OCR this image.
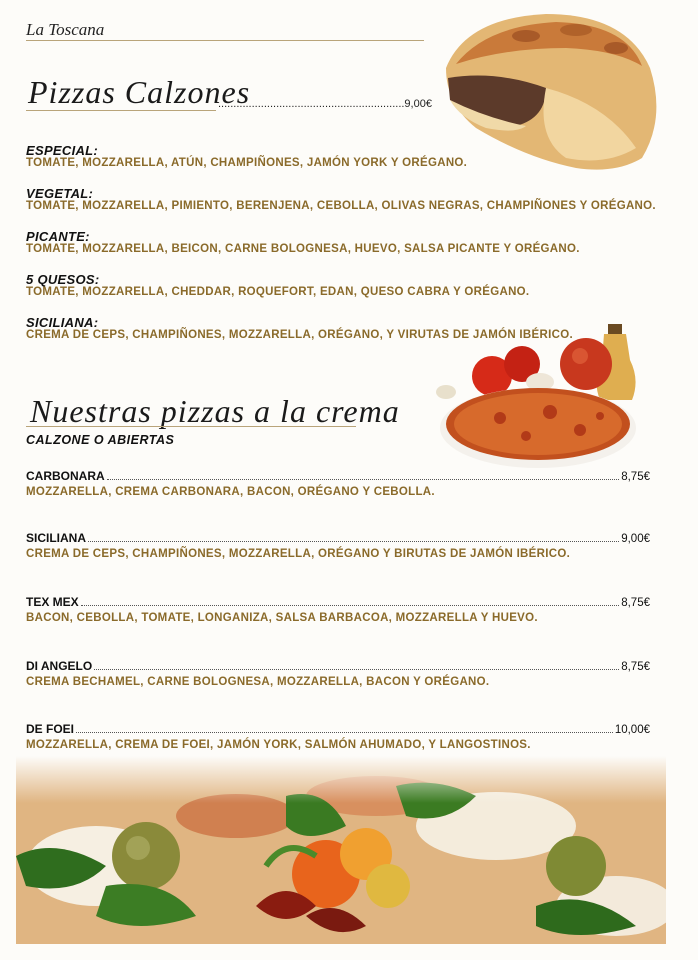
La Toscana
Pizzas Calzones
.............................................................9,00€
ESPECIAL:
TOMATE, MOZZARELLA, ATÚN, CHAMPIÑONES, JAMÓN YORK Y ORÉGANO.
VEGETAL:
TOMATE, MOZZARELLA, PIMIENTO, BERENJENA, CEBOLLA, OLIVAS NEGRAS, CHAMPIÑONES Y ORÉGANO.
PICANTE:
TOMATE, MOZZARELLA, BEICON, CARNE BOLOGNESA, HUEVO, SALSA PICANTE Y ORÉGANO.
5 QUESOS:
TOMATE, MOZZARELLA, CHEDDAR, ROQUEFORT, EDAN, QUESO CABRA Y ORÉGANO.
SICILIANA:
CREMA DE CEPS, CHAMPIÑONES, MOZZARELLA, ORÉGANO, Y VIRUTAS DE JAMÓN IBÉRICO.
Nuestras pizzas a la crema
CALZONE O ABIERTAS
CARBONARA	8,75€
MOZZARELLA, CREMA CARBONARA, BACON, ORÉGANO Y CEBOLLA.
SICILIANA	9,00€
CREMA DE CEPS, CHAMPIÑONES, MOZZARELLA, ORÉGANO Y BIRUTAS DE JAMÓN IBÉRICO.
TEX MEX	8,75€
BACON, CEBOLLA, TOMATE, LONGANIZA, SALSA BARBACOA, MOZZARELLA Y HUEVO.
DI ANGELO	8,75€
CREMA BECHAMEL, CARNE BOLOGNESA, MOZZARELLA, BACON Y ORÉGANO.
DE FOEI	10,00€
MOZZARELLA, CREMA DE FOEI, JAMÓN YORK, SALMÓN AHUMADO, Y LANGOSTINOS.
